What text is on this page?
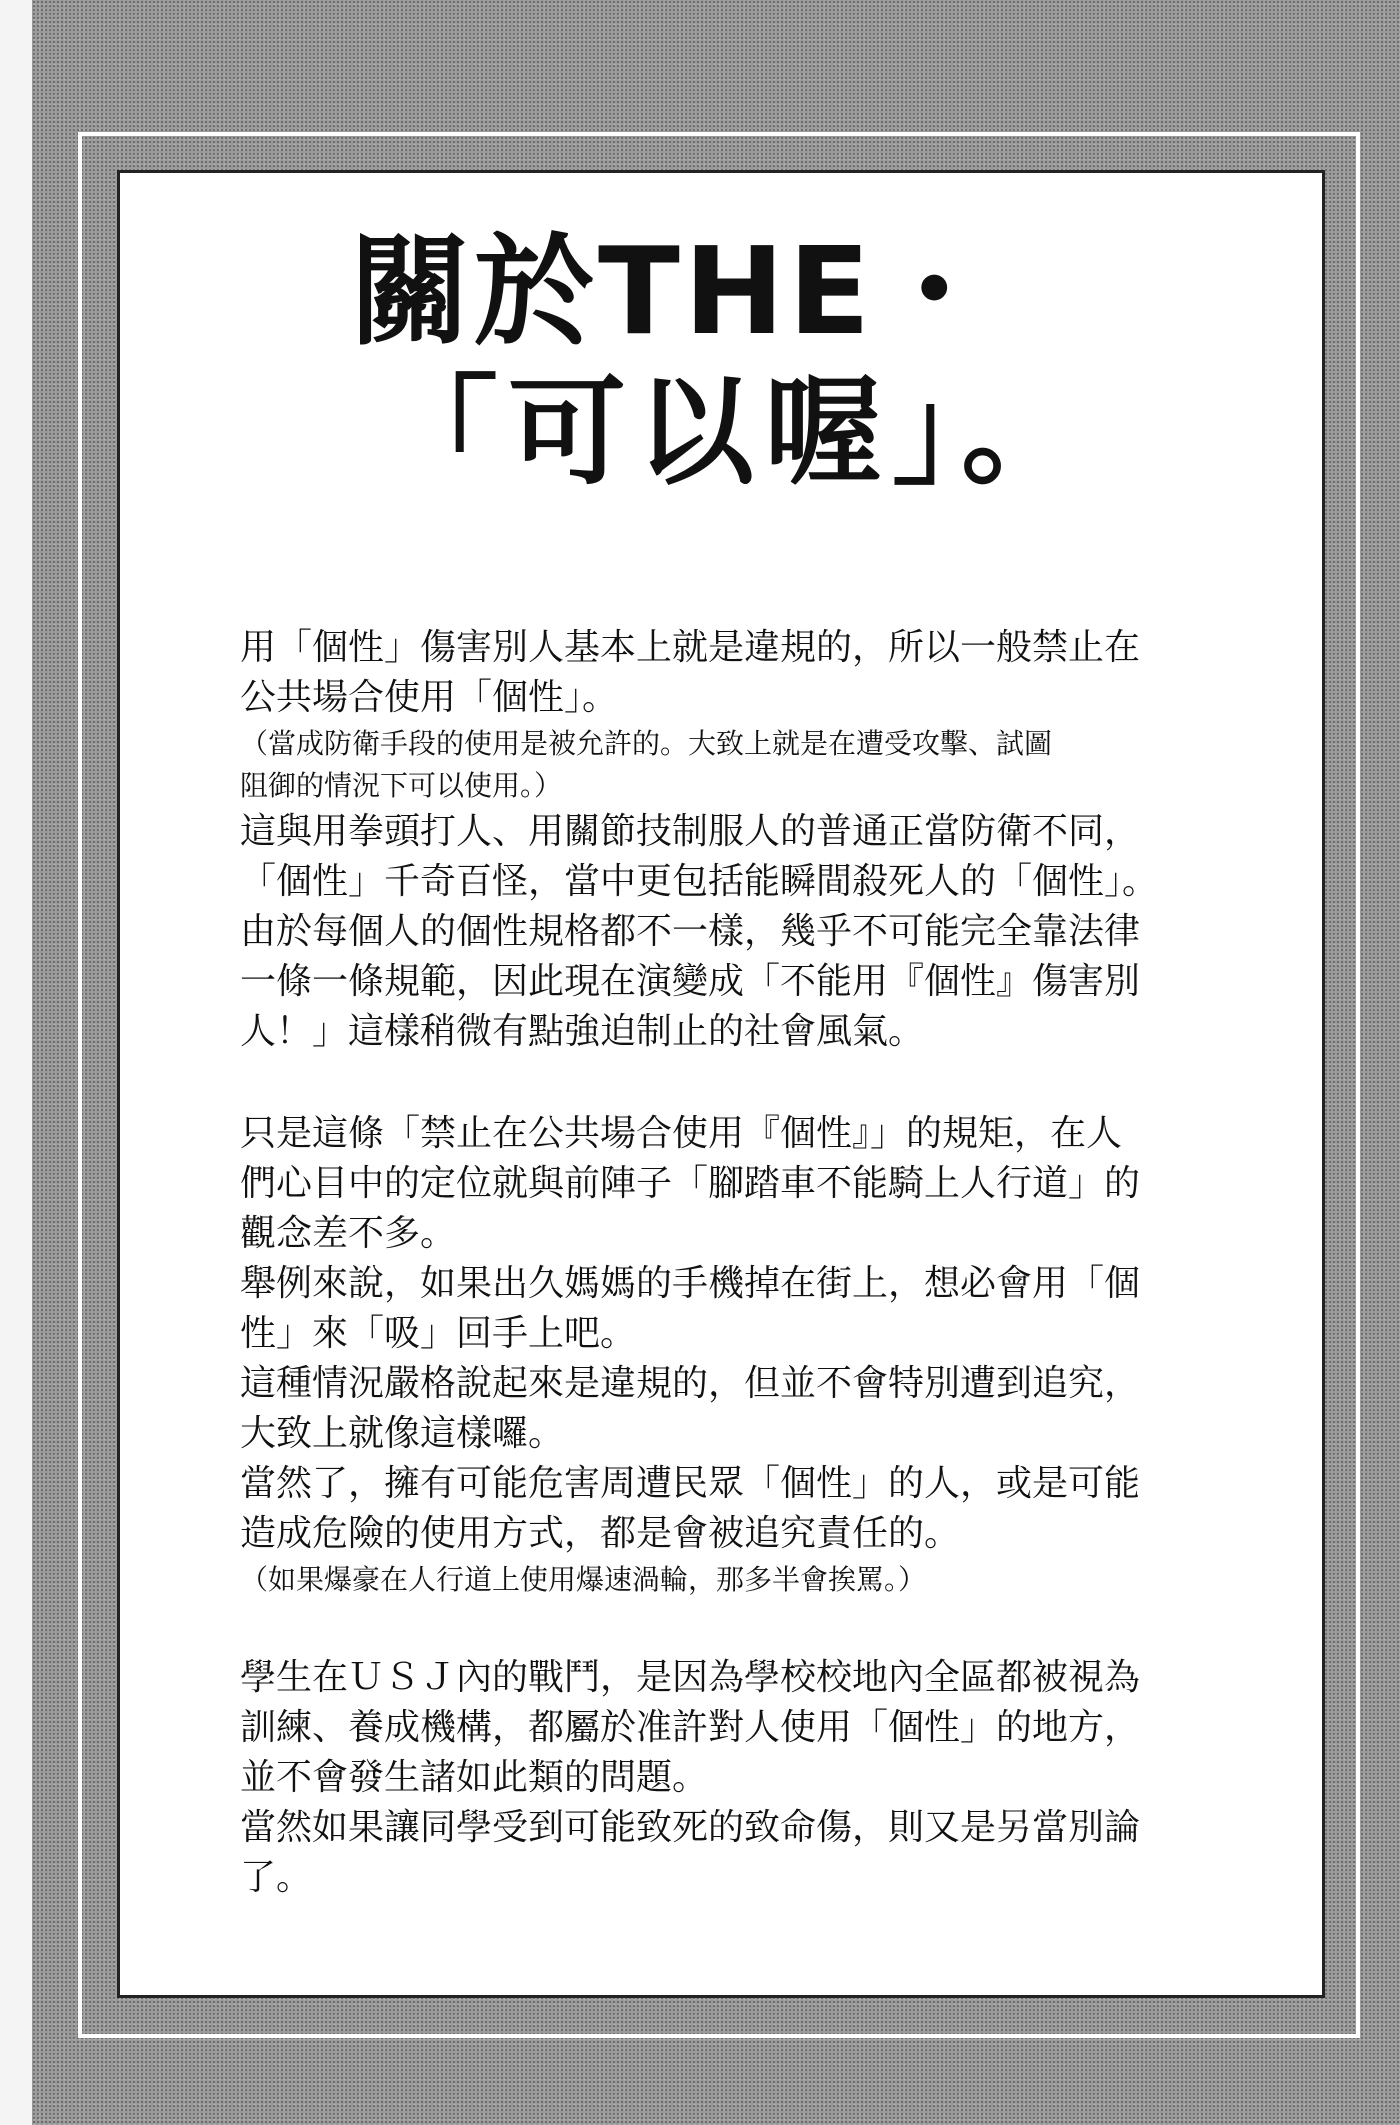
關於THE・
「可以喔」。

用「個性」傷害別人基本上就是違規的，所以一般禁止在
公共場合使用「個性」。

（當成防衛手段的使用是被允許的。大致上就是在遭受攻擊、試圖
阻御的情況下可以使用。）

這與用拳頭打人、用關節技制服人的普通正當防衛不同，
「個性」千奇百怪，當中更包括能瞬間殺死人的「個性」。
由於每個人的個性規格都不一樣，幾乎不可能完全靠法律
一條一條規範，因此現在演變成「不能用『個性』傷害別
人！」這樣稍微有點強迫制止的社會風氣。

只是這條「禁止在公共場合使用『個性』」的規矩，在人
們心目中的定位就與前陣子「腳踏車不能騎上人行道」的
觀念差不多。
舉例來說，如果出久媽媽的手機掉在街上，想必會用「個
性」來「吸」回手上吧。
這種情況嚴格說起來是違規的，但並不會特別遭到追究，
大致上就像這樣囉。
當然了，擁有可能危害周遭民眾「個性」的人，或是可能
造成危險的使用方式，都是會被追究責任的。

（如果爆豪在人行道上使用爆速渦輪，那多半會挨罵。）

學生在ＵＳＪ內的戰鬥，是因為學校校地內全區都被視為
訓練、養成機構，都屬於准許對人使用「個性」的地方，
並不會發生諸如此類的問題。
當然如果讓同學受到可能致死的致命傷，則又是另當別論
了。
